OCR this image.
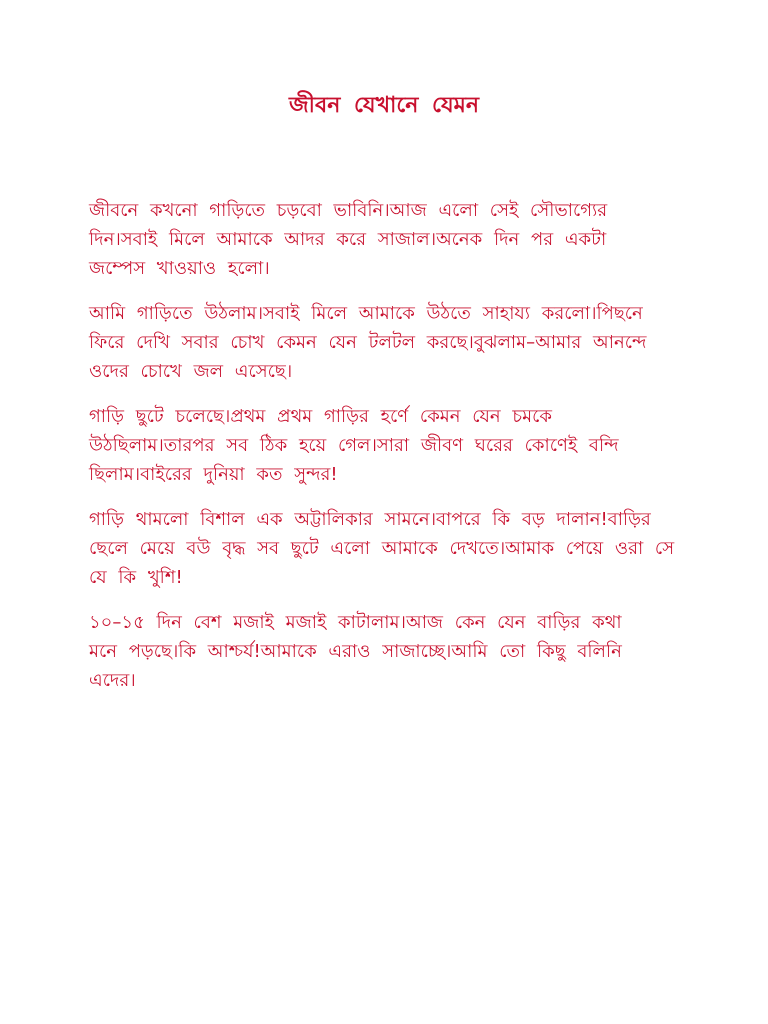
জীবন যেখানে যেমন

জীবনে কখনো গাড়িতে চড়বো ভাবিনি।আজ এলো সেই সৌভাগ্যের
দিন।সবাই মিলে আমাকে আদর করে সাজাল।অনেক দিন পর একটা
জম্পেস খাওয়াও হলো।

আমি গাড়িতে উঠলাম।সবাই মিলে আমাকে উঠতে সাহায্য করলো।পিছনে
ফিরে দেখি সবার চোখ কেমন যেন টলটল করছে।বুঝলাম–আমার আনন্দে
ওদের চোখে জল এসেছে।

গাড়ি ছুটে চলেছে।প্রথম প্রথম গাড়ির হর্ণে কেমন যেন চমকে
উঠছিলাম।তারপর সব ঠিক হয়ে গেল।সারা জীবণ ঘরের কোণেই বন্দি
ছিলাম।বাইরের দুনিয়া কত সুন্দর!

গাড়ি থামলো বিশাল এক অট্টালিকার সামনে।বাপরে কি বড় দালান!বাড়ির
ছেলে মেয়ে বউ বৃদ্ধ সব ছুটে এলো আমাকে দেখতে।আমাক পেয়ে ওরা সে
যে কি খুশি!

১০–১৫ দিন বেশ মজাই মজাই কাটালাম।আজ কেন যেন বাড়ির কথা
মনে পড়ছে।কি আশ্চর্য!আমাকে এরাও সাজাচ্ছে।আমি তো কিছু বলিনি
এদের।
